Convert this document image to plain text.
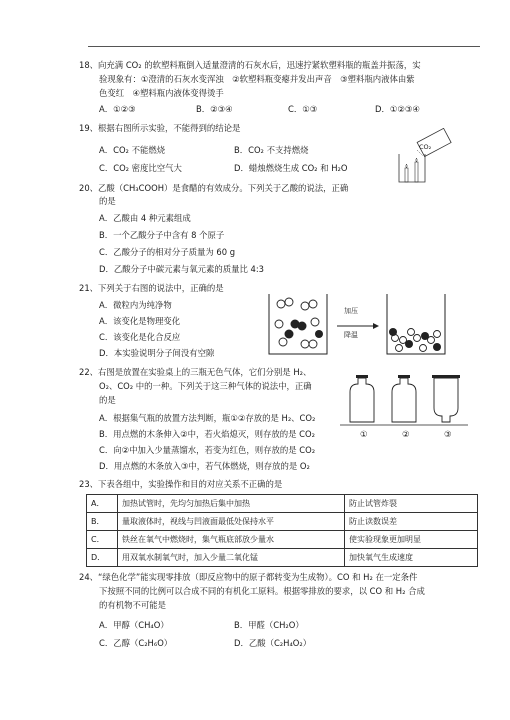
18、向充满 CO₂ 的软塑料瓶倒入适量澄清的石灰水后，迅速拧紧软塑料瓶的瓶盖并振荡，实
验现象有：①澄清的石灰水变浑浊　②软塑料瓶变瘪并发出声音　③塑料瓶内液体由紫
色变红　④塑料瓶内液体变得烫手
A．①②③	B．②③④	C．①③	D．①②③④
19、根据右图所示实验，不能得到的结论是
A．CO₂ 不能燃烧	B．CO₂ 不支持燃烧
C．CO₂ 密度比空气大	D．蜡烛燃烧生成 CO₂ 和 H₂O
CO₂
20、乙酸（CH₃COOH）是食醋的有效成分。下列关于乙酸的说法，正确
的是
A．乙酸由 4 种元素组成
B．一个乙酸分子中含有 8 个原子
C．乙酸分子的相对分子质量为 60 g
D．乙酸分子中碳元素与氧元素的质量比 4:3
21、下列关于右图的说法中，正确的是
A．微粒内为纯净物
A．该变化是物理变化
C．该变化是化合反应
D．本实验说明分子间没有空隙
加压
降温
22、右图是放置在实验桌上的三瓶无色气体，它们分别是 H₂、
O₂、CO₂ 中的一种。下列关于这三种气体的说法中，正确
的是
A．根据集气瓶的放置方法判断，瓶①②存放的是 H₂、CO₂
B．用点燃的木条伸入②中，若火焰熄灭，则存放的是 CO₂
C．向②中加入少量蒸馏水，若变为红色，则存放的是 CO₂
D．用点燃的木条放入③中，若气体燃烧，则存放的是 O₂
①	②	③
23、下表各组中，实验操作和目的对应关系不正确的是
A．	加热试管时，先均匀加热后集中加热	防止试管炸裂
B．	量取液体时，视线与凹液面最低处保持水平	防止读数误差
C．	铁丝在氧气中燃烧时，集气瓶底部放少量水	使实验现象更加明显
D．	用双氧水制氧气时，加入少量二氧化锰	加快氧气生成速度
24、“绿色化学”能实现零排放（即反应物中的原子都转变为生成物）。CO 和 H₂ 在一定条件
下按照不同的比例可以合成不同的有机化工原料。根据零排放的要求，以 CO 和 H₂ 合成
的有机物不可能是
A．甲醇（CH₄O）	B．甲醛（CH₂O）
C．乙醇（C₂H₆O）	D．乙酸（C₂H₄O₂）
